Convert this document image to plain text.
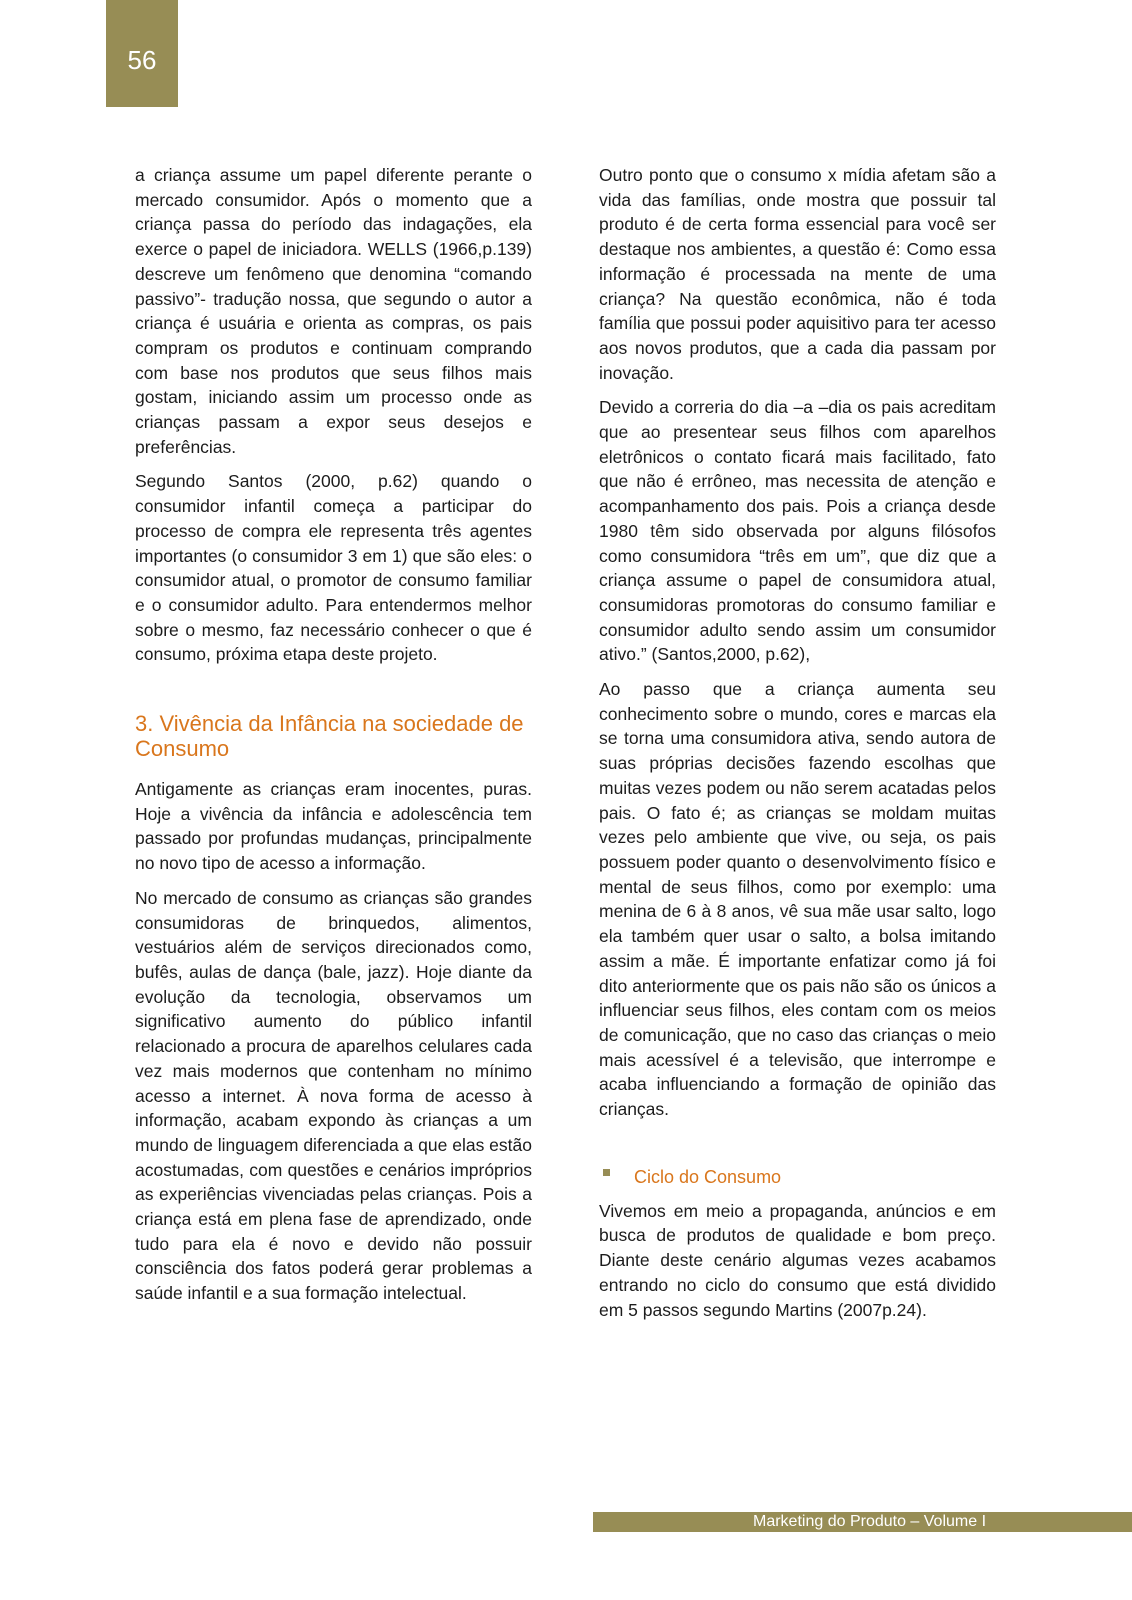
56

a criança assume um papel diferente perante o mercado consumidor. Após o momento que a criança passa do período das indagações, ela exerce o papel de iniciadora. WELLS (1966,p.139) descreve um fenômeno que denomina “comando passivo”- tradução nossa, que segundo o autor a criança é usuária e orienta as compras, os pais compram os produtos e continuam comprando com base nos produtos que seus filhos mais gostam, iniciando assim um processo onde as crianças passam a expor seus desejos e preferências.

Segundo Santos (2000, p.62) quando o consumidor infantil começa a participar do processo de compra ele representa três agentes importantes (o consumidor 3 em 1) que são eles: o consumidor atual, o promotor de consumo familiar e o consumidor adulto. Para entendermos melhor sobre o mesmo, faz necessário conhecer o que é consumo, próxima etapa deste projeto.

3. Vivência da Infância na sociedade de Consumo

Antigamente as crianças eram inocentes, puras. Hoje a vivência da infância e adolescência tem passado por profundas mudanças, principalmente no novo tipo de acesso a informação.

No mercado de consumo as crianças são grandes consumidoras de brinquedos, alimentos, vestuários além de serviços direcionados como, bufês, aulas de dança (bale, jazz). Hoje diante da evolução da tecnologia, observamos um significativo aumento do público infantil relacionado a procura de aparelhos celulares cada vez mais modernos que contenham no mínimo acesso a internet. À nova forma de acesso à informação, acabam expondo às crianças a um mundo de linguagem diferenciada a que elas estão acostumadas, com questões e cenários impróprios as experiências vivenciadas pelas crianças. Pois a criança está em plena fase de aprendizado, onde tudo para ela é novo e devido não possuir consciência dos fatos poderá gerar problemas a saúde infantil e a sua formação intelectual.

Outro ponto que o consumo x mídia afetam são a vida das famílias, onde mostra que possuir tal produto é de certa forma essencial para você ser destaque nos ambientes, a questão é: Como essa informação é processada na mente de uma criança? Na questão econômica, não é toda família que possui poder aquisitivo para ter acesso aos novos produtos, que a cada dia passam por inovação.

Devido a correria do dia –a –dia os pais acreditam que ao presentear seus filhos com aparelhos eletrônicos o contato ficará mais facilitado, fato que não é errôneo, mas necessita de atenção e acompanhamento dos pais. Pois a criança desde 1980 têm sido observada por alguns filósofos como consumidora “três em um”, que diz que a criança assume o papel de consumidora atual, consumidoras promotoras do consumo familiar e consumidor adulto sendo assim um consumidor ativo.” (Santos,2000, p.62),

Ao passo que a criança aumenta seu conhecimento sobre o mundo, cores e marcas ela se torna uma consumidora ativa, sendo autora de suas próprias decisões fazendo escolhas que muitas vezes podem ou não serem acatadas pelos pais. O fato é; as crianças se moldam muitas vezes pelo ambiente que vive, ou seja, os pais possuem poder quanto o desenvolvimento físico e mental de seus filhos, como por exemplo: uma menina de 6 à 8 anos, vê sua mãe usar salto, logo ela também quer usar o salto, a bolsa imitando assim a mãe. É importante enfatizar como já foi dito anteriormente que os pais não são os únicos a influenciar seus filhos, eles contam com os meios de comunicação, que no caso das crianças o meio mais acessível é a televisão, que interrompe e acaba influenciando a formação de opinião das crianças.

Ciclo do Consumo

Vivemos em meio a propaganda, anúncios e em busca de produtos de qualidade e bom preço. Diante deste cenário algumas vezes acabamos entrando no ciclo do consumo que está dividido em 5 passos segundo Martins (2007p.24).

Marketing do Produto – Volume I
